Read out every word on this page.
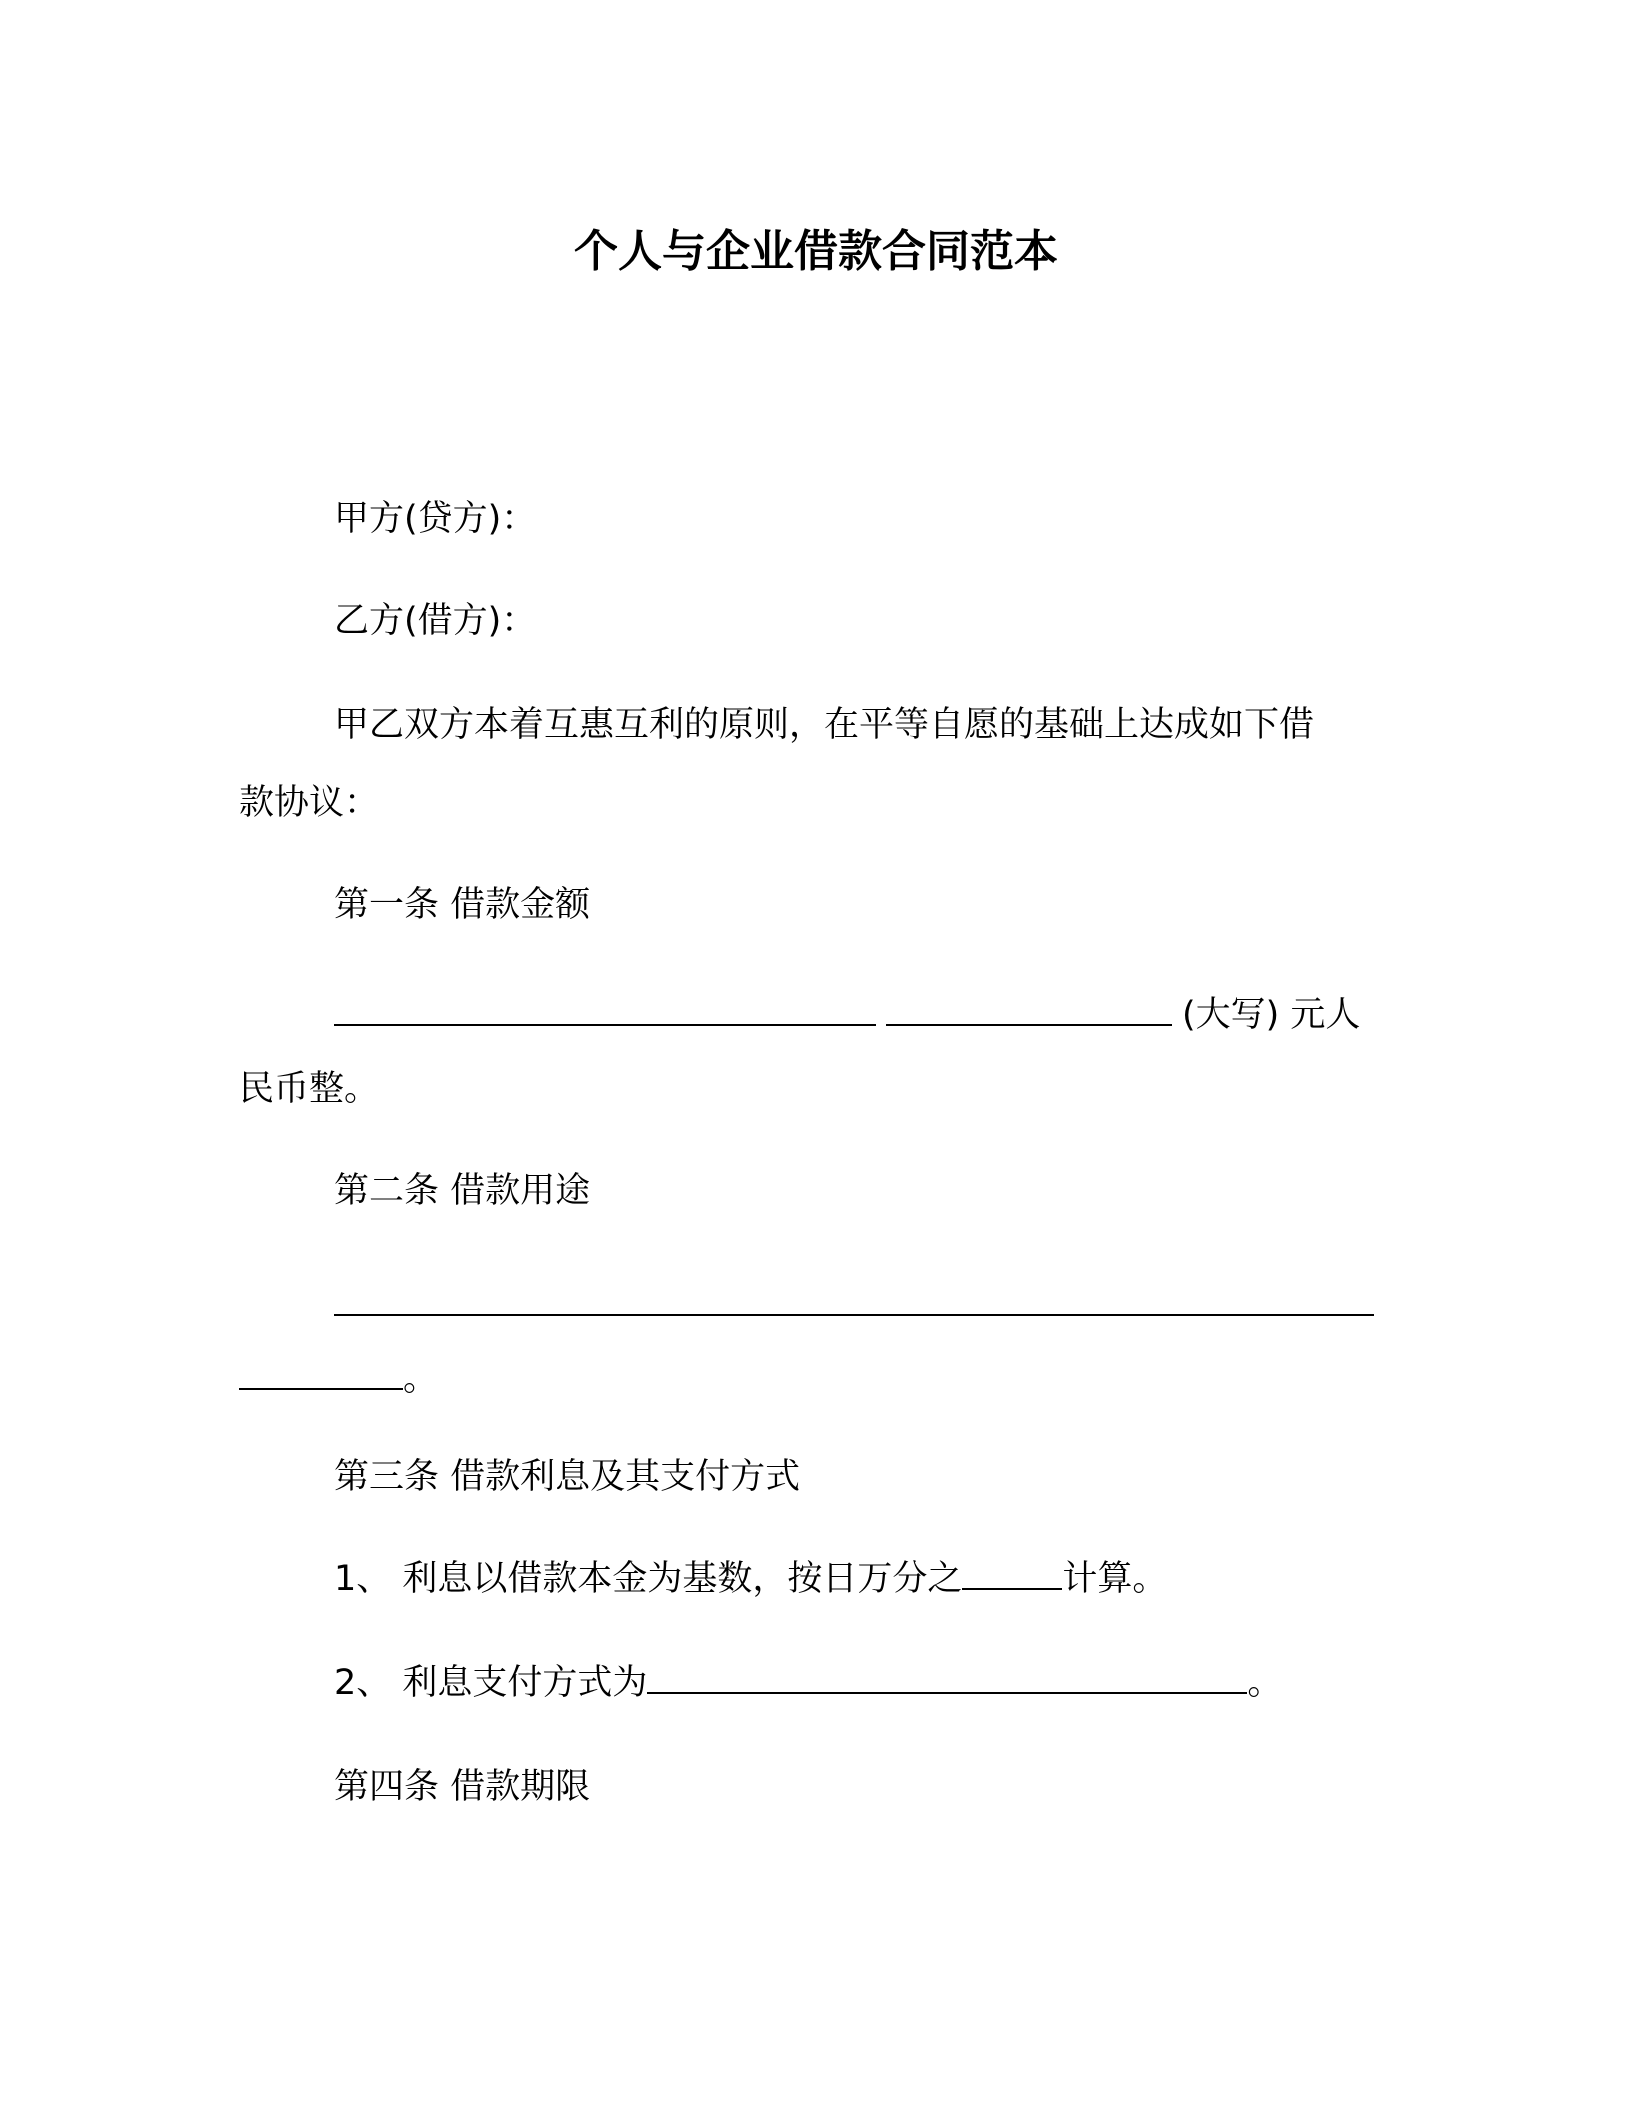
个人与企业借款合同范本
甲方(贷方)：
乙方(借方)：
甲乙双方本着互惠互利的原则，在平等自愿的基础上达成如下借
款协议：
第一条 借款金额
(大写) 元人
民币整。
第二条 借款用途
。
第三条 借款利息及其支付方式
1、 利息以借款本金为基数，按日万分之	计算。
2、 利息支付方式为	。
第四条 借款期限
